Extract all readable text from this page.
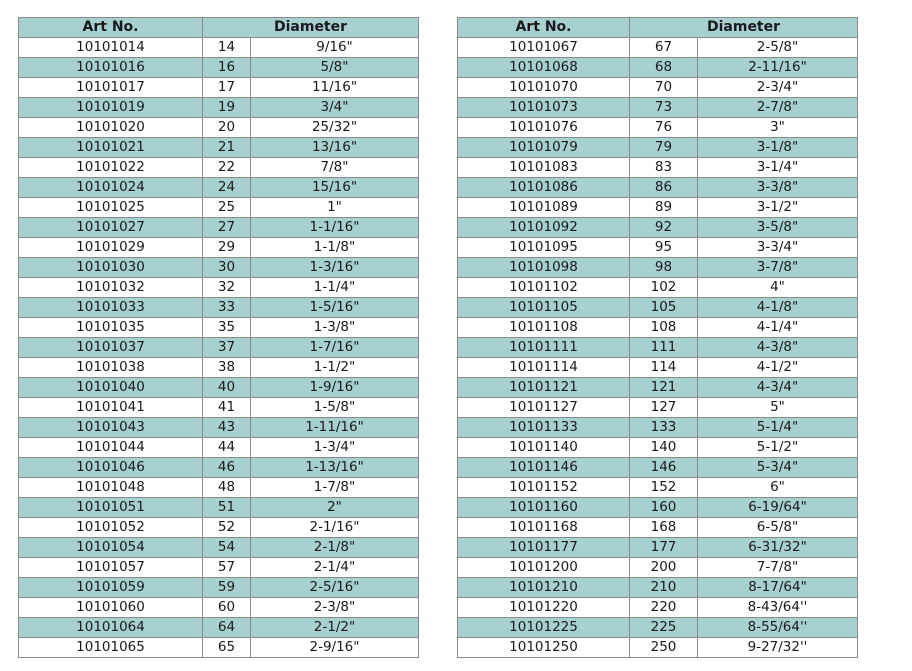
Art No.	Diameter	
10101014	14	9/16"
10101016	16	5/8"
10101017	17	11/16"
10101019	19	3/4"
10101020	20	25/32"
10101021	21	13/16"
10101022	22	7/8"
10101024	24	15/16"
10101025	25	1"
10101027	27	1-1/16"
10101029	29	1-1/8"
10101030	30	1-3/16"
10101032	32	1-1/4"
10101033	33	1-5/16"
10101035	35	1-3/8"
10101037	37	1-7/16"
10101038	38	1-1/2"
10101040	40	1-9/16"
10101041	41	1-5/8"
10101043	43	1-11/16"
10101044	44	1-3/4"
10101046	46	1-13/16"
10101048	48	1-7/8"
10101051	51	2"
10101052	52	2-1/16"
10101054	54	2-1/8"
10101057	57	2-1/4"
10101059	59	2-5/16"
10101060	60	2-3/8"
10101064	64	2-1/2"
10101065	65	2-9/16"
Art No.	Diameter	
10101067	67	2-5/8"
10101068	68	2-11/16"
10101070	70	2-3/4"
10101073	73	2-7/8"
10101076	76	3"
10101079	79	3-1/8"
10101083	83	3-1/4"
10101086	86	3-3/8"
10101089	89	3-1/2"
10101092	92	3-5/8"
10101095	95	3-3/4"
10101098	98	3-7/8"
10101102	102	4"
10101105	105	4-1/8"
10101108	108	4-1/4"
10101111	111	4-3/8"
10101114	114	4-1/2"
10101121	121	4-3/4"
10101127	127	5"
10101133	133	5-1/4"
10101140	140	5-1/2"
10101146	146	5-3/4"
10101152	152	6"
10101160	160	6-19/64"
10101168	168	6-5/8"
10101177	177	6-31/32"
10101200	200	7-7/8"
10101210	210	8-17/64"
10101220	220	8-43/64''
10101225	225	8-55/64''
10101250	250	9-27/32''
